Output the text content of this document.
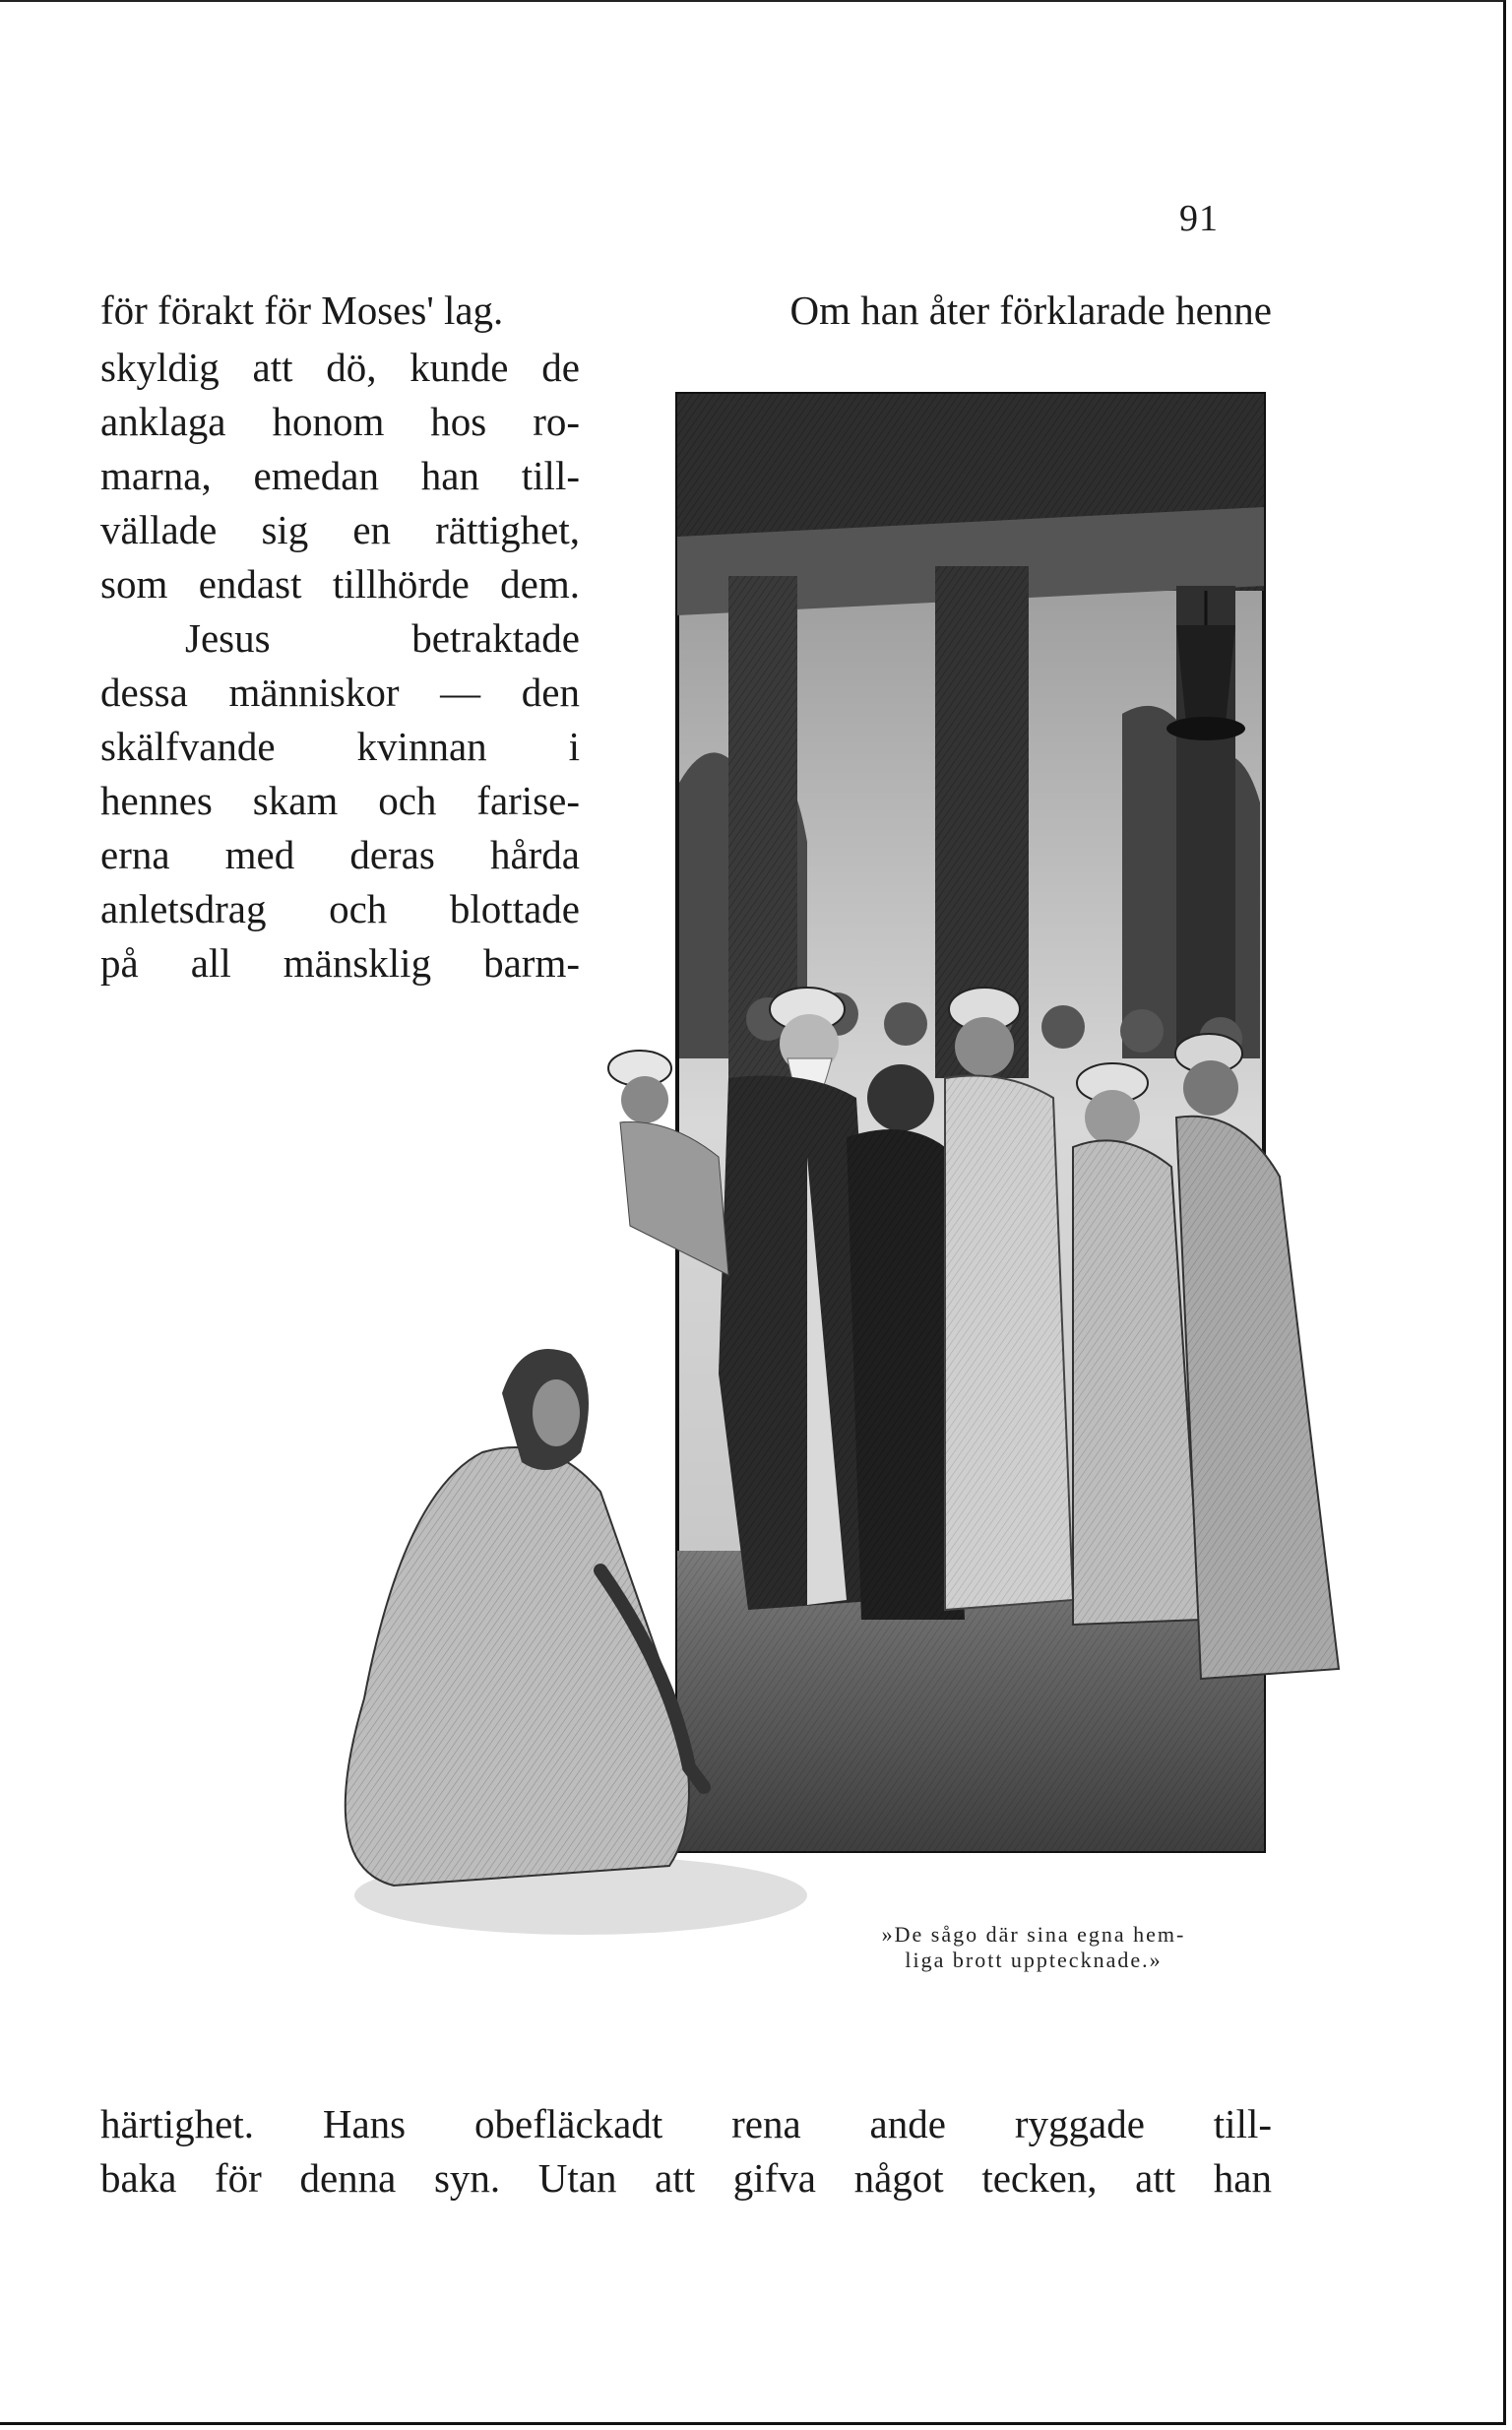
91
för förakt för Moses' lag.	Om han åter förklarade henne
skyldig att dö, kunde de
anklaga honom hos ro-
marna, emedan han till-
vällade sig en rättighet,
som endast tillhörde dem.
Jesus betraktade
dessa människor — den
skälfvande kvinnan i
hennes skam och farise-
erna med deras hårda
anletsdrag och blottade
på all mänsklig barm-
»De sågo där sina egna hem-
liga brott upptecknade.»
härtighet. Hans obefläckadt rena ande ryggade till-
baka för denna syn. Utan att gifva något tecken, att han
